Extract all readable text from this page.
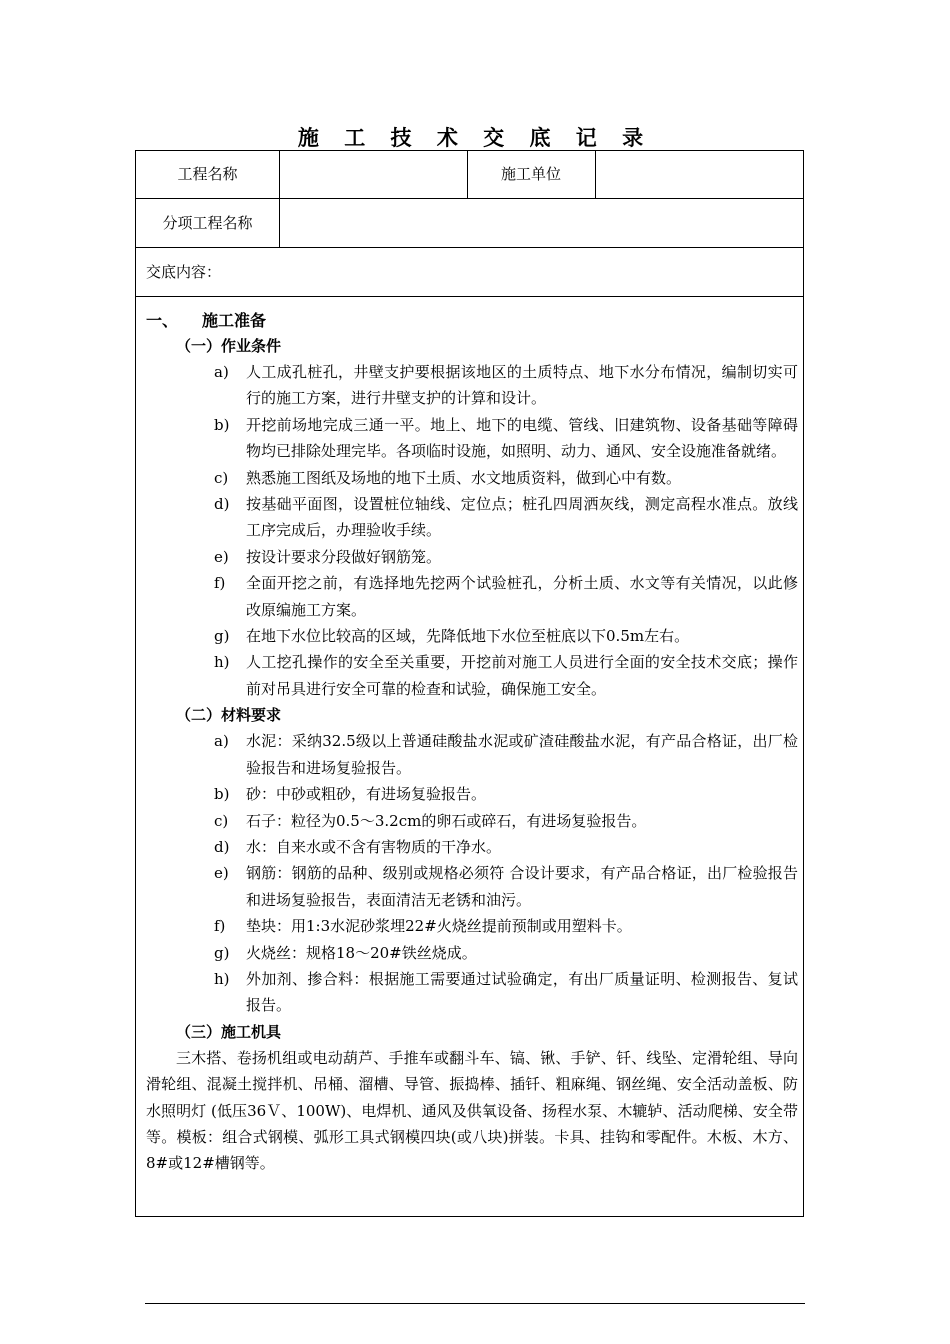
施 工 技 术 交 底 记 录
工程名称	施工单位
分项工程名称
交底内容：
一、 施工准备
（一）作业条件
a) 人工成孔桩孔，井壁支护要根据该地区的土质特点、地下水分布情况，编制切实可行的施工方案，进行井壁支护的计算和设计。
b) 开挖前场地完成三通一平。地上、地下的电缆、管线、旧建筑物、设备基础等障碍物均已排除处理完毕。各项临时设施，如照明、动力、通风、安全设施准备就绪。
c) 熟悉施工图纸及场地的地下土质、水文地质资料，做到心中有数。
d) 按基础平面图，设置桩位轴线、定位点；桩孔四周洒灰线，测定高程水准点。放线工序完成后，办理验收手续。
e) 按设计要求分段做好钢筋笼。
f) 全面开挖之前，有选择地先挖两个试验桩孔，分析土质、水文等有关情况，以此修改原编施工方案。
g) 在地下水位比较高的区域，先降低地下水位至桩底以下0.5m左右。
h) 人工挖孔操作的安全至关重要，开挖前对施工人员进行全面的安全技术交底；操作前对吊具进行安全可靠的检查和试验，确保施工安全。
（二）材料要求
a) 水泥：采纳32.5级以上普通硅酸盐水泥或矿渣硅酸盐水泥，有产品合格证，出厂检验报告和进场复验报告。
b) 砂：中砂或粗砂，有进场复验报告。
c) 石子：粒径为0.5～3.2cm的卵石或碎石，有进场复验报告。
d) 水：自来水或不含有害物质的干净水。
e) 钢筋：钢筋的品种、级别或规格必须符 合设计要求，有产品合格证，出厂检验报告和进场复验报告，表面清洁无老锈和油污。
f) 垫块：用1:3水泥砂浆埋22#火烧丝提前预制或用塑料卡。
g) 火烧丝：规格18～20#铁丝烧成。
h) 外加剂、掺合料：根据施工需要通过试验确定，有出厂质量证明、检测报告、复试报告。
（三）施工机具
三木搭、卷扬机组或电动葫芦、手推车或翻斗车、镐、锹、手铲、钎、线坠、定滑轮组、导向滑轮组、混凝土搅拌机、吊桶、溜槽、导管、振捣棒、插钎、粗麻绳、钢丝绳、安全活动盖板、防水照明灯 (低压36Ｖ、100W)、电焊机、通风及供氧设备、扬程水泵、木辘轳、活动爬梯、安全带等。模板：组合式钢模、弧形工具式钢模四块(或八块)拼装。卡具、挂钩和零配件。木板、木方、8#或12#槽钢等。
